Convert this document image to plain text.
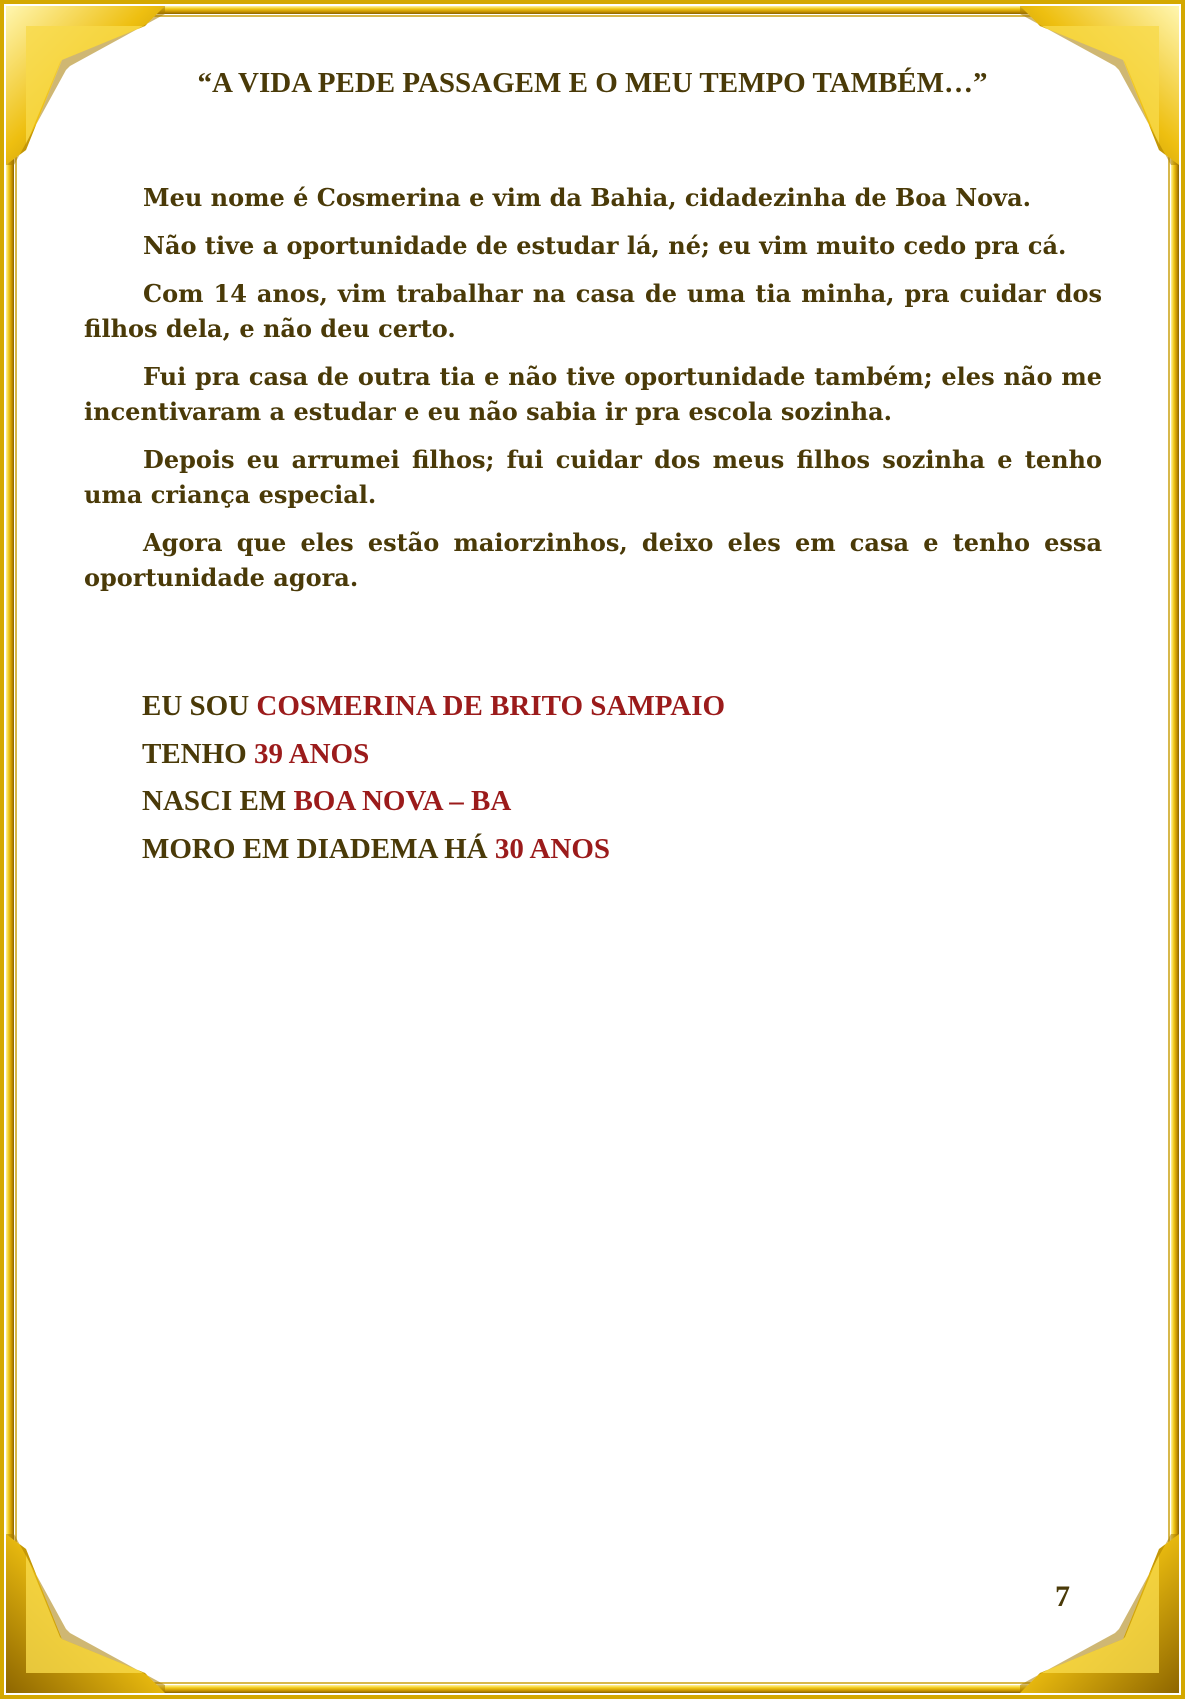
“A VIDA PEDE PASSAGEM E O MEU TEMPO TAMBÉM…”

Meu nome é Cosmerina e vim da Bahia, cidadezinha de Boa Nova.

Não tive a oportunidade de estudar lá, né; eu vim muito cedo pra cá.

Com 14 anos, vim trabalhar na casa de uma tia minha, pra cuidar dos filhos dela, e não deu certo.

Fui pra casa de outra tia e não tive oportunidade também; eles não me incentivaram a estudar e eu não sabia ir pra escola sozinha.

Depois eu arrumei filhos; fui cuidar dos meus filhos sozinha e tenho uma criança especial.

Agora que eles estão maiorzinhos, deixo eles em casa e tenho essa oportunidade agora.

EU SOU COSMERINA DE BRITO SAMPAIO
TENHO 39 ANOS
NASCI EM BOA NOVA – BA
MORO EM DIADEMA HÁ 30 ANOS
7
